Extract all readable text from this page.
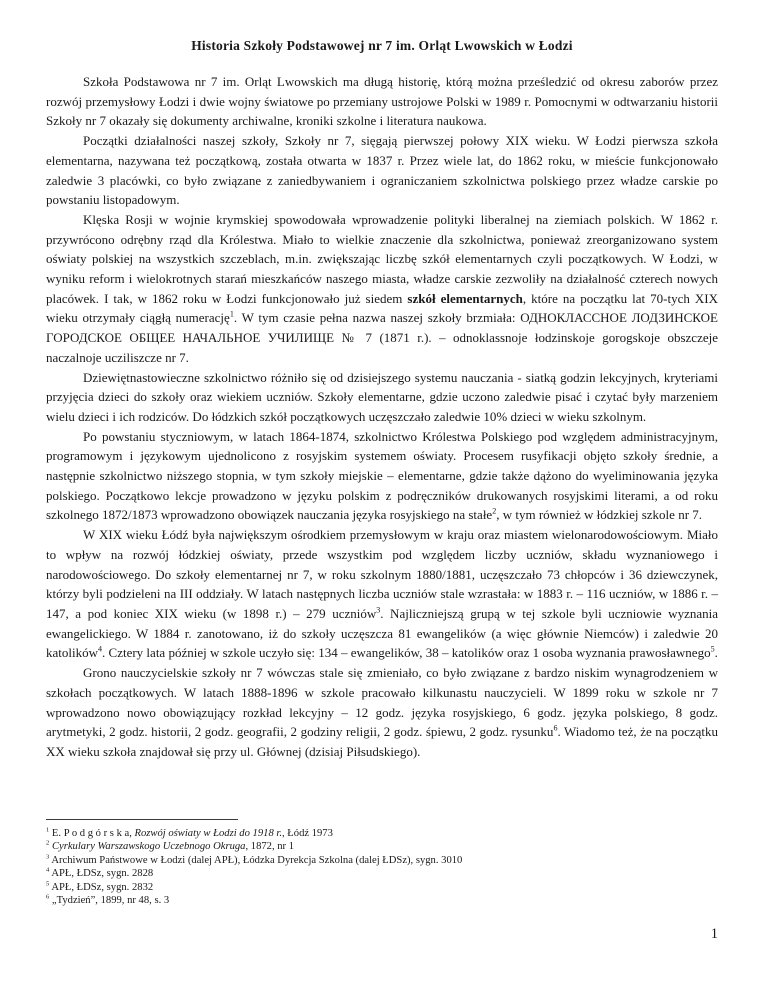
Historia Szkoły Podstawowej nr 7 im. Orląt Lwowskich w Łodzi

Szkoła Podstawowa nr 7 im. Orląt Lwowskich ma długą historię, którą można prześledzić od okresu zaborów przez rozwój przemysłowy Łodzi i dwie wojny światowe po przemiany ustrojowe Polski w 1989 r. Pomocnymi w odtwarzaniu historii Szkoły nr 7 okazały się dokumenty archiwalne, kroniki szkolne i literatura naukowa.

Początki działalności naszej szkoły, Szkoły nr 7, sięgają pierwszej połowy XIX wieku. W Łodzi pierwsza szkoła elementarna, nazywana też początkową, została otwarta w 1837 r. Przez wiele lat, do 1862 roku, w mieście funkcjonowało zaledwie 3 placówki, co było związane z zaniedbywaniem i ograniczaniem szkolnictwa polskiego przez władze carskie po powstaniu listopadowym.

Klęska Rosji w wojnie krymskiej spowodowała wprowadzenie polityki liberalnej na ziemiach polskich. W 1862 r. przywrócono odrębny rząd dla Królestwa. Miało to wielkie znaczenie dla szkolnictwa, ponieważ zreorganizowano system oświaty polskiej na wszystkich szczeblach, m.in. zwiększając liczbę szkół elementarnych czyli początkowych. W Łodzi, w wyniku reform i wielokrotnych starań mieszkańców naszego miasta, władze carskie zezwoliły na działalność czterech nowych placówek. I tak, w 1862 roku w Łodzi funkcjonowało już siedem szkół elementarnych, które na początku lat 70-tych XIX wieku otrzymały ciągłą numerację$^1$. W tym czasie pełna nazwa naszej szkoły brzmiała: ОДНОКЛАССНОЕ ЛОДЗИНСКОЕ ГОРОДСКОЕ ОБЩЕЕ НАЧАЛЬНОЕ УЧИЛИЩЕ № 7 (1871 r.). – odnoklassnoje łodzinskoje gorogskoje obszczeje naczalnoje ucziliszcze nr 7.

Dziewiętnastowieczne szkolnictwo różniło się od dzisiejszego systemu nauczania - siatką godzin lekcyjnych, kryteriami przyjęcia dzieci do szkoły oraz wiekiem uczniów. Szkoły elementarne, gdzie uczono zaledwie pisać i czytać były marzeniem wielu dzieci i ich rodziców. Do łódzkich szkół początkowych uczęszczało zaledwie 10% dzieci w wieku szkolnym.

Po powstaniu styczniowym, w latach 1864-1874, szkolnictwo Królestwa Polskiego pod względem administracyjnym, programowym i językowym ujednolicono z rosyjskim systemem oświaty. Procesem rusyfikacji objęto szkoły średnie, a następnie szkolnictwo niższego stopnia, w tym szkoły miejskie – elementarne, gdzie także dążono do wyeliminowania języka polskiego. Początkowo lekcje prowadzono w języku polskim z podręczników drukowanych rosyjskimi literami, a od roku szkolnego 1872/1873 wprowadzono obowiązek nauczania języka rosyjskiego na stałe$^2$, w tym również w łódzkiej szkole nr 7.

W XIX wieku Łódź była największym ośrodkiem przemysłowym w kraju oraz miastem wielonarodowościowym. Miało to wpływ na rozwój łódzkiej oświaty, przede wszystkim pod względem liczby uczniów, składu wyznaniowego i narodowościowego. Do szkoły elementarnej nr 7, w roku szkolnym 1880/1881, uczęszczało 73 chłopców i 36 dziewczynek, którzy byli podzieleni na III oddziały. W latach następnych liczba uczniów stale wzrastała: w 1883 r. – 116 uczniów, w 1886 r. – 147, a pod koniec XIX wieku (w 1898 r.) – 279 uczniów$^3$. Najliczniejszą grupą w tej szkole byli uczniowie wyznania ewangelickiego. W 1884 r. zanotowano, iż do szkoły uczęszcza 81 ewangelików (a więc głównie Niemców) i zaledwie 20 katolików$^4$. Cztery lata później w szkole uczyło się: 134 – ewangelików, 38 – katolików oraz 1 osoba wyznania prawosławnego$^5$.

Grono nauczycielskie szkoły nr 7 wówczas stale się zmieniało, co było związane z bardzo niskim wynagrodzeniem w szkołach początkowych. W latach 1888-1896 w szkole pracowało kilkunastu nauczycieli. W 1899 roku w szkole nr 7 wprowadzono nowo obowiązujący rozkład lekcyjny – 12 godz. języka rosyjskiego, 6 godz. języka polskiego, 8 godz. arytmetyki, 2 godz. historii, 2 godz. geografii, 2 godziny religii, 2 godz. śpiewu, 2 godz. rysunku$^6$. Wiadomo też, że na początku XX wieku szkoła znajdował się przy ul. Głównej (dzisiaj Piłsudskiego).

$^1$ E. P o d g ó r s k a, Rozwój oświaty w Łodzi do 1918 r., Łódź 1973
$^2$ Cyrkulary Warszawskogo Uczebnogo Okruga, 1872, nr 1
$^3$ Archiwum Państwowe w Łodzi (dalej APŁ), Łódzka Dyrekcja Szkolna (dalej ŁDSz), sygn. 3010
$^4$ APŁ, ŁDSz, sygn. 2828
$^5$ APŁ, ŁDSz, sygn. 2832
$^6$ „Tydzień”, 1899, nr 48, s. 3
1
